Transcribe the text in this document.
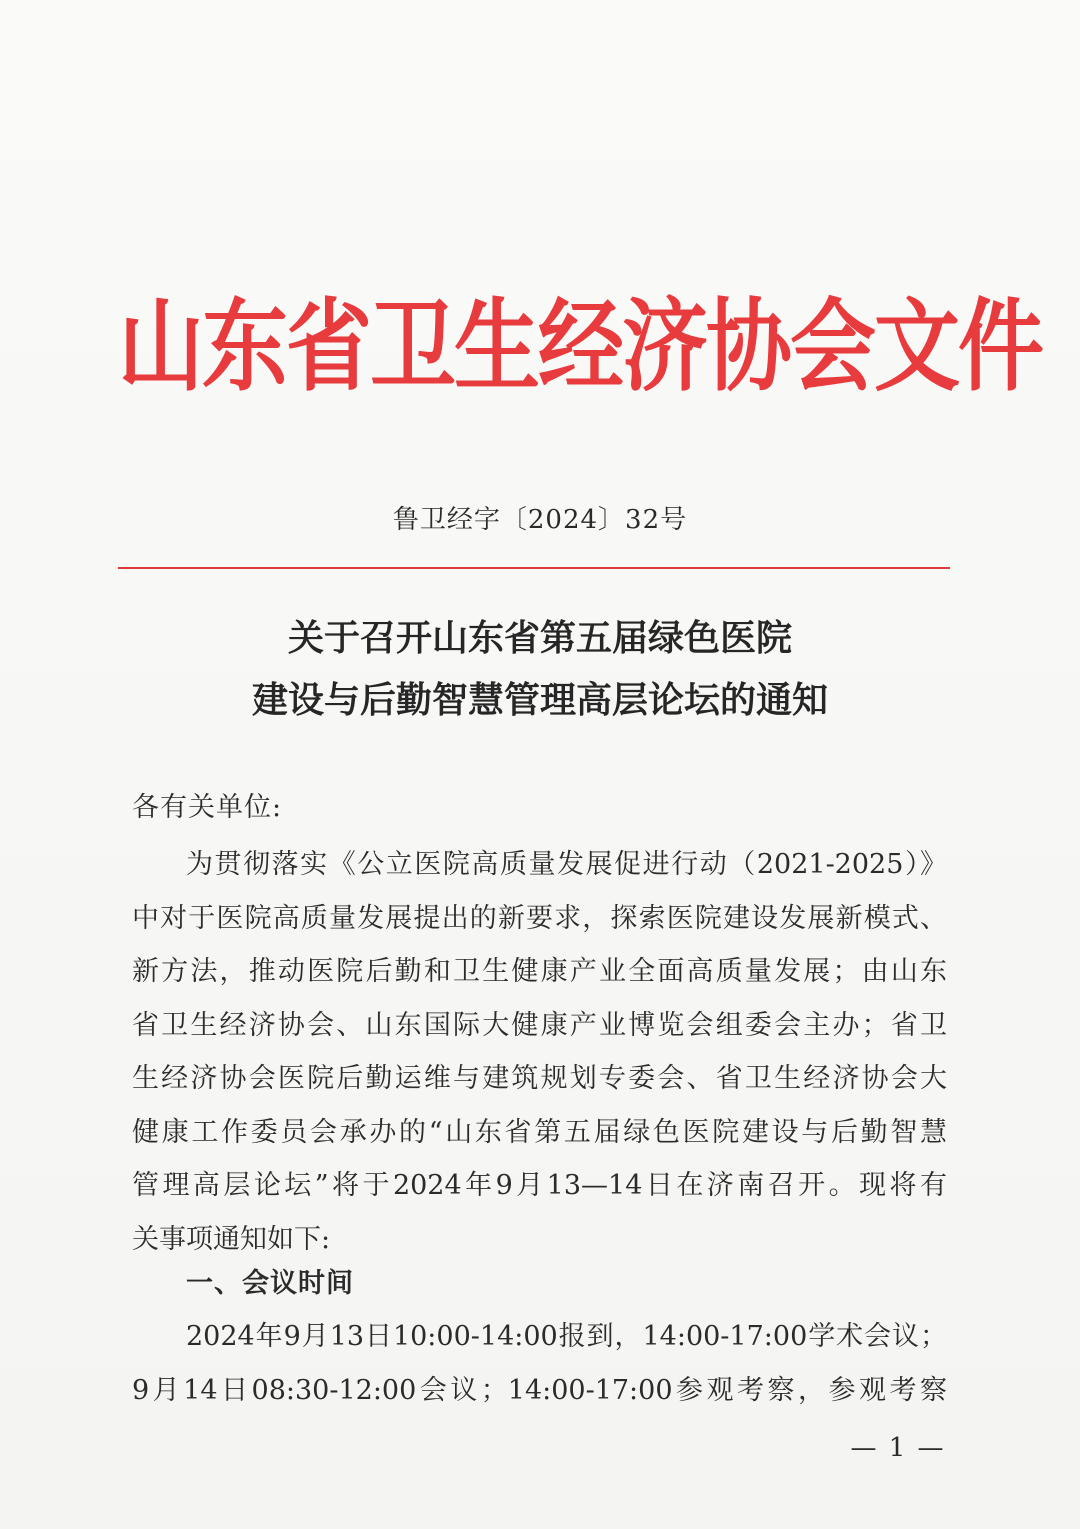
山东省卫生经济协会文件
鲁卫经字〔2024〕32号
关于召开山东省第五届绿色医院
建设与后勤智慧管理高层论坛的通知
各有关单位:
为贯彻落实《公立医院高质量发展促进行动（2021-2025）》
中对于医院高质量发展提出的新要求，探索医院建设发展新模式、
新方法，推动医院后勤和卫生健康产业全面高质量发展；由山东
省卫生经济协会、山东国际大健康产业博览会组委会主办；省卫
生经济协会医院后勤运维与建筑规划专委会、省卫生经济协会大
健康工作委员会承办的“山东省第五届绿色医院建设与后勤智慧
管理高层论坛”将于2024年9月13—14日在济南召开。现将有
关事项通知如下:
一、会议时间
2024年9月13日10:00-14:00报到，14:00-17:00学术会议；
9月14日08:30-12:00会议；14:00-17:00参观考察，参观考察
— 1 —
